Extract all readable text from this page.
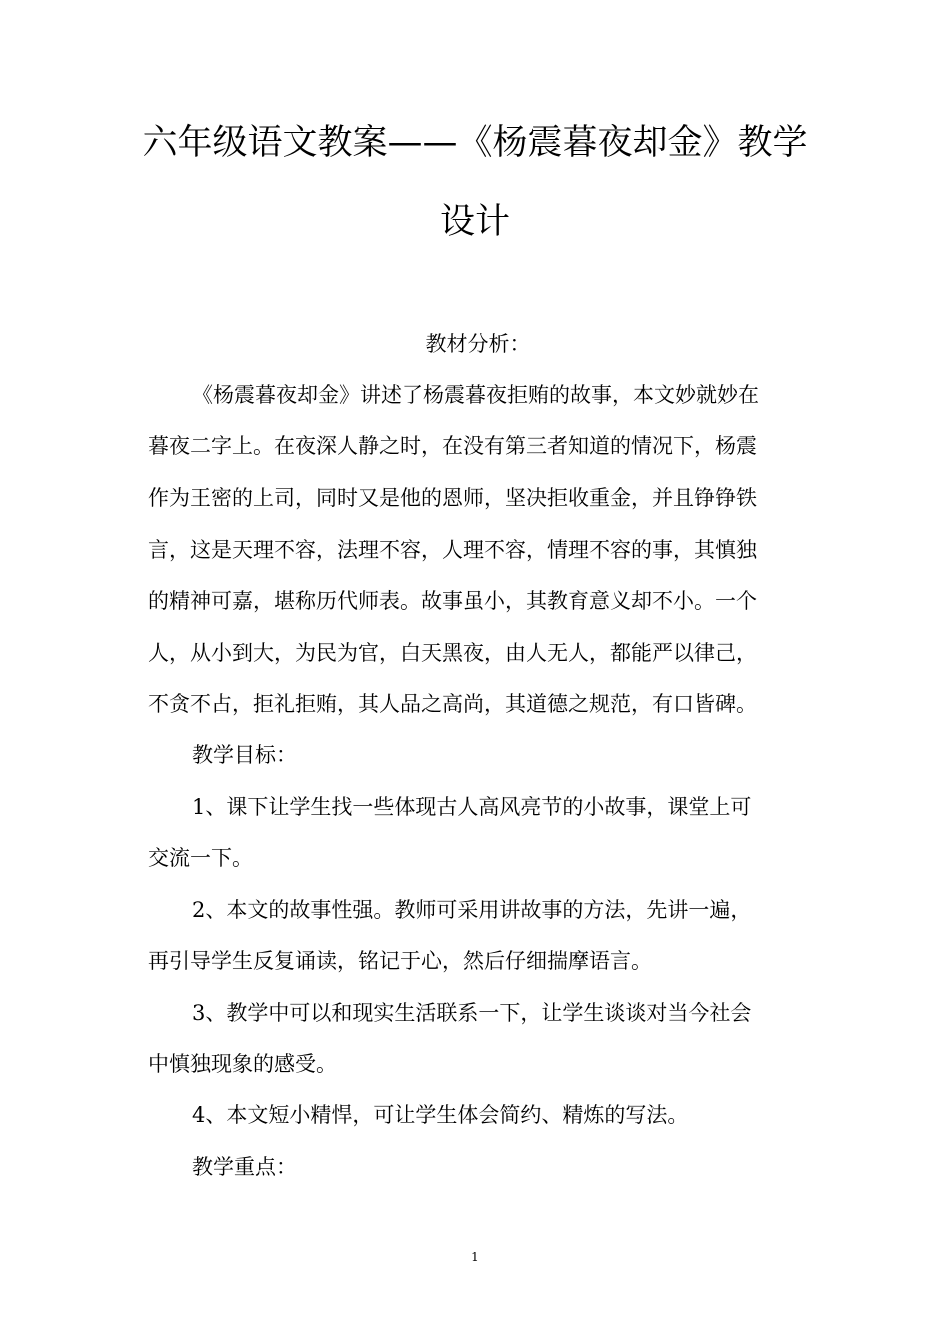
六年级语文教案——《杨震暮夜却金》教学
设计
教材分析：
《杨震暮夜却金》讲述了杨震暮夜拒贿的故事，本文妙就妙在
暮夜二字上。在夜深人静之时，在没有第三者知道的情况下，杨震
作为王密的上司，同时又是他的恩师，坚决拒收重金，并且铮铮铁
言，这是天理不容，法理不容，人理不容，情理不容的事，其慎独
的精神可嘉，堪称历代师表。故事虽小，其教育意义却不小。一个
人，从小到大，为民为官，白天黑夜，由人无人，都能严以律己，
不贪不占，拒礼拒贿，其人品之高尚，其道德之规范，有口皆碑。
教学目标：
1、课下让学生找一些体现古人高风亮节的小故事，课堂上可
交流一下。
2、本文的故事性强。教师可采用讲故事的方法，先讲一遍，
再引导学生反复诵读，铭记于心，然后仔细揣摩语言。
3、教学中可以和现实生活联系一下，让学生谈谈对当今社会
中慎独现象的感受。
4、本文短小精悍，可让学生体会简约、精炼的写法。
教学重点：
1
